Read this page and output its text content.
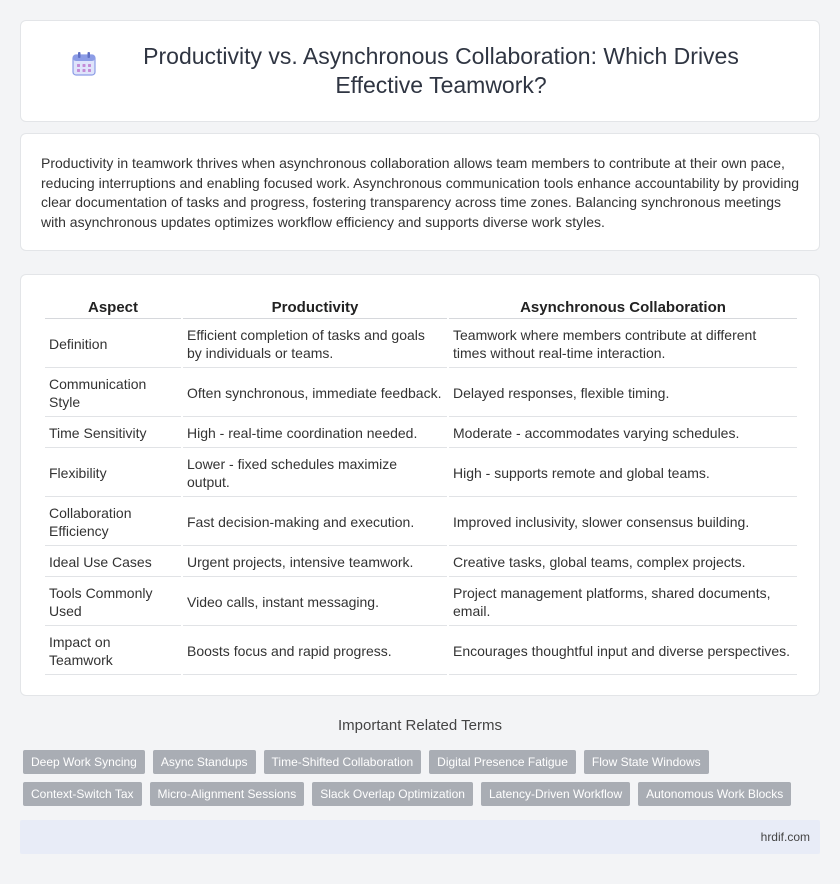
Productivity vs. Asynchronous Collaboration: Which Drives Effective Teamwork?

Productivity in teamwork thrives when asynchronous collaboration allows team members to contribute at their own pace, reducing interruptions and enabling focused work. Asynchronous communication tools enhance accountability by providing clear documentation of tasks and progress, fostering transparency across time zones. Balancing synchronous meetings with asynchronous updates optimizes workflow efficiency and supports diverse work styles.

Aspect	Productivity	Asynchronous Collaboration
Definition	Efficient completion of tasks and goals by individuals or teams.	Teamwork where members contribute at different times without real-time interaction.
Communication Style	Often synchronous, immediate feedback.	Delayed responses, flexible timing.
Time Sensitivity	High - real-time coordination needed.	Moderate - accommodates varying schedules.
Flexibility	Lower - fixed schedules maximize output.	High - supports remote and global teams.
Collaboration Efficiency	Fast decision-making and execution.	Improved inclusivity, slower consensus building.
Ideal Use Cases	Urgent projects, intensive teamwork.	Creative tasks, global teams, complex projects.
Tools Commonly Used	Video calls, instant messaging.	Project management platforms, shared documents, email.
Impact on Teamwork	Boosts focus and rapid progress.	Encourages thoughtful input and diverse perspectives.
Important Related Terms
Deep Work Syncing	Async Standups	Time-Shifted Collaboration	Digital Presence Fatigue	Flow State Windows
Context-Switch Tax	Micro-Alignment Sessions	Slack Overlap Optimization	Latency-Driven Workflow	Autonomous Work Blocks
hrdif.com
